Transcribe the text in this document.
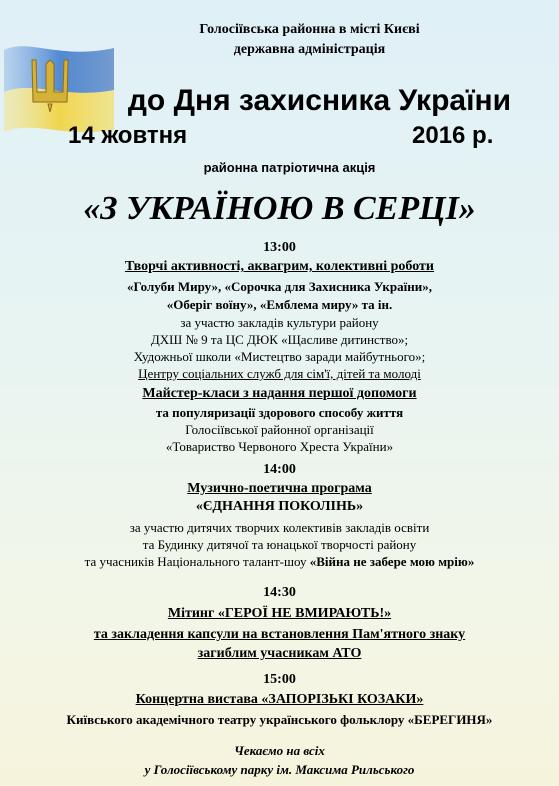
Голосіївська районна в місті Києві
державна адміністрація
до Дня захисника України
14 жовтня	2016 р.
районна патріотична акція
«З УКРАЇНОЮ В СЕРЦІ»
13:00
Творчі активності, аквагрим, колективні роботи
«Голуби Миру», «Сорочка для Захисника України»,
«Оберіг воїну», «Емблема миру» та ін.
за участю закладів культури району
ДХШ № 9 та ЦС ДЮК «Щасливе дитинство»;
Художньої школи «Мистецтво заради майбутнього»;
Центру соціальних служб для сім'ї, дітей та молоді
Майстер-класи з надання першої допомоги
та популяризації здорового способу життя
Голосіївської районної організації
«Товариство Червоного Хреста України»
14:00
Музично-поетична програма
«ЄДНАННЯ ПОКОЛІНЬ»
за участю дитячих творчих колективів закладів освіти
та Будинку дитячої та юнацької творчості району
та учасників Національного талант-шоу «Війна не забере мою мрію»
14:30
Мітинг «ГЕРОЇ НЕ ВМИРАЮТЬ!»
та закладення капсули на встановлення Пам'ятного знаку
загиблим учасникам АТО
15:00
Концертна вистава «ЗАПОРІЗЬКІ КОЗАКИ»
Київського академічного театру українського фольклору «БЕРЕГИНЯ»
Чекаємо на всіх
у Голосіївському парку ім. Максима Рильського
